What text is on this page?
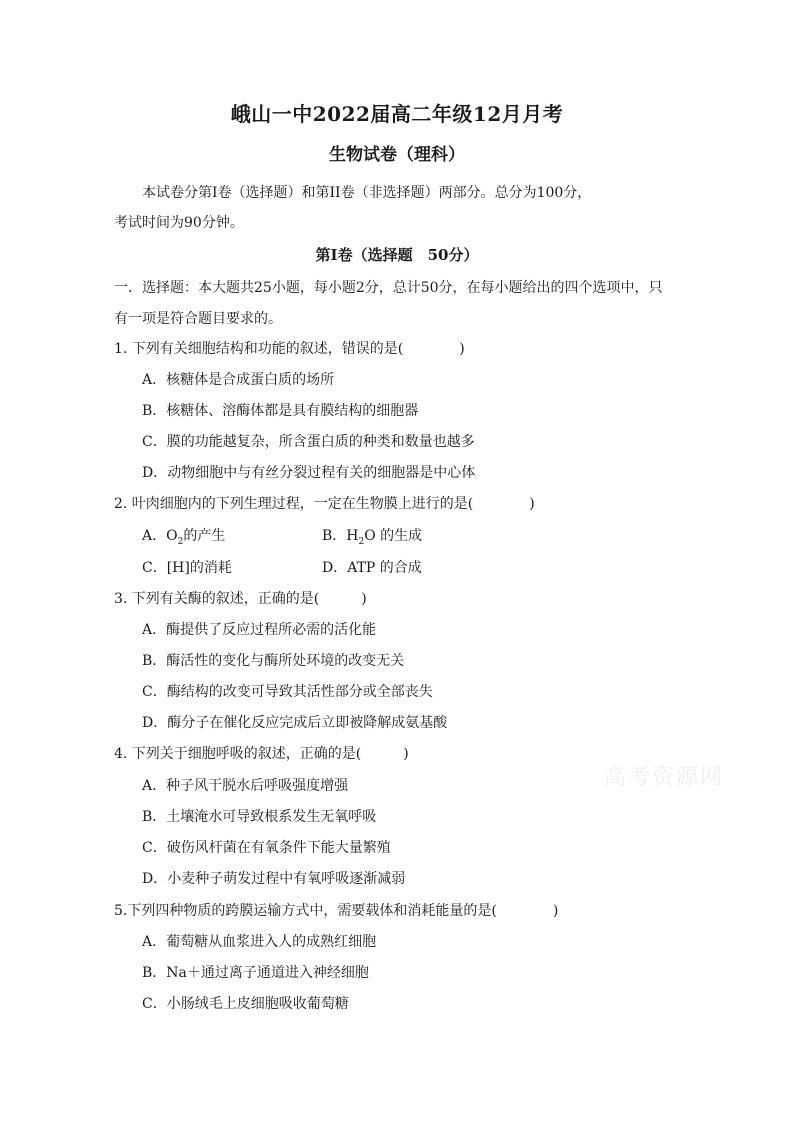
峨山一中2022届高二年级12月月考
生物试卷（理科）
本试卷分第I卷（选择题）和第II卷（非选择题）两部分。总分为100分，
考试时间为90分钟。
第I卷（选择题　50分）
一．选择题：本大题共25小题，每小题2分，总计50分，在每小题给出的四个选项中，只
有一项是符合题目要求的。
1. 下列有关细胞结构和功能的叙述，错误的是(　　　　)
A．核糖体是合成蛋白质的场所
B．核糖体、溶酶体都是具有膜结构的细胞器
C．膜的功能越复杂，所含蛋白质的种类和数量也越多
D．动物细胞中与有丝分裂过程有关的细胞器是中心体
2. 叶肉细胞内的下列生理过程，一定在生物膜上进行的是(　　　　)
A．$O_2$的产生	B．$H_2O$ 的生成
C．[H]的消耗	D．ATP 的合成
3. 下列有关酶的叙述，正确的是(　　　)
A．酶提供了反应过程所必需的活化能
B．酶活性的变化与酶所处环境的改变无关
C．酶结构的改变可导致其活性部分或全部丧失
D．酶分子在催化反应完成后立即被降解成氨基酸
4. 下列关于细胞呼吸的叙述，正确的是(　　　)
A．种子风干脱水后呼吸强度增强
B．土壤淹水可导致根系发生无氧呼吸
C．破伤风杆菌在有氧条件下能大量繁殖
D．小麦种子萌发过程中有氧呼吸逐渐减弱
5.下列四种物质的跨膜运输方式中，需要载体和消耗能量的是(　　　　)
A．葡萄糖从血浆进入人的成熟红细胞
B．Na＋通过离子通道进入神经细胞
C．小肠绒毛上皮细胞吸收葡萄糖
高考资源网
